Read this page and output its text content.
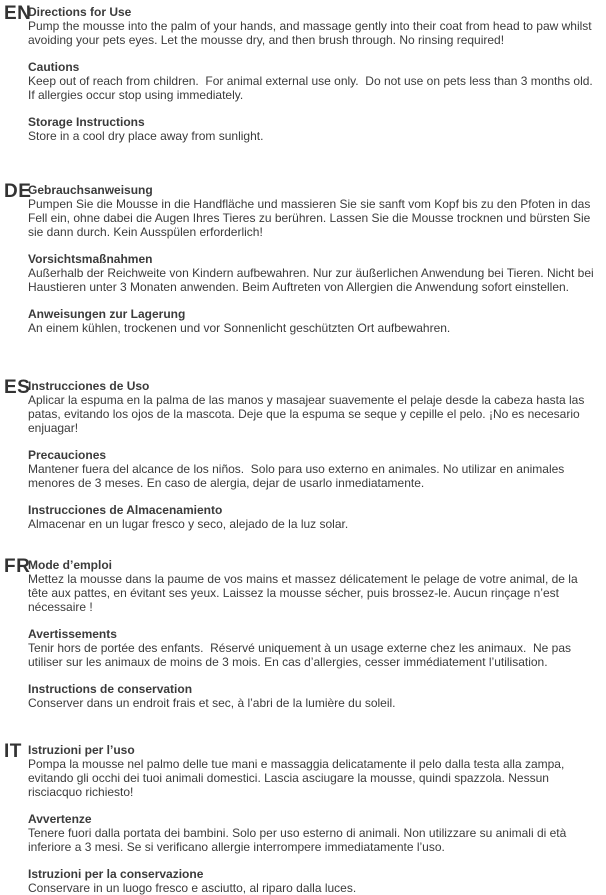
EN
Directions for Use
Pump the mousse into the palm of your hands, and massage gently into their coat from head to paw whilst avoiding your pets eyes. Let the mousse dry, and then brush through. No rinsing required!
Cautions
Keep out of reach from children.  For animal external use only.  Do not use on pets less than 3 months old. If allergies occur stop using immediately.
Storage Instructions
Store in a cool dry place away from sunlight.
DE
Gebrauchsanweisung
Pumpen Sie die Mousse in die Handfläche und massieren Sie sie sanft vom Kopf bis zu den Pfoten in das Fell ein, ohne dabei die Augen Ihres Tieres zu berühren. Lassen Sie die Mousse trocknen und bürsten Sie sie dann durch. Kein Ausspülen erforderlich!
Vorsichtsmaßnahmen
Außerhalb der Reichweite von Kindern aufbewahren. Nur zur äußerlichen Anwendung bei Tieren. Nicht bei Haustieren unter 3 Monaten anwenden. Beim Auftreten von Allergien die Anwendung sofort einstellen.
Anweisungen zur Lagerung
An einem kühlen, trockenen und vor Sonnenlicht geschützten Ort aufbewahren.
ES
Instrucciones de Uso
Aplicar la espuma en la palma de las manos y masajear suavemente el pelaje desde la cabeza hasta las patas, evitando los ojos de la mascota. Deje que la espuma se seque y cepille el pelo. ¡No es necesario enjuagar!
Precauciones
Mantener fuera del alcance de los niños.  Solo para uso externo en animales. No utilizar en animales menores de 3 meses. En caso de alergia, dejar de usarlo inmediatamente.
Instrucciones de Almacenamiento
Almacenar en un lugar fresco y seco, alejado de la luz solar.
FR
Mode d’emploi
Mettez la mousse dans la paume de vos mains et massez délicatement le pelage de votre animal, de la tête aux pattes, en évitant ses yeux. Laissez la mousse sécher, puis brossez-le. Aucun rinçage n’est nécessaire !
Avertissements
Tenir hors de portée des enfants.  Réservé uniquement à un usage externe chez les animaux.  Ne pas utiliser sur les animaux de moins de 3 mois. En cas d’allergies, cesser immédiatement l’utilisation.
Instructions de conservation
Conserver dans un endroit frais et sec, à l’abri de la lumière du soleil.
IT Istruzioni per l’uso
Pompa la mousse nel palmo delle tue mani e massaggia delicatamente il pelo dalla testa alla zampa, evitando gli occhi dei tuoi animali domestici. Lascia asciugare la mousse, quindi spazzola. Nessun risciacquo richiesto!
Avvertenze
Tenere fuori dalla portata dei bambini. Solo per uso esterno di animali. Non utilizzare su animali di età inferiore a 3 mesi. Se si verificano allergie interrompere immediatamente l’uso.
Istruzioni per la conservazione
Conservare in un luogo fresco e asciutto, al riparo dalla luces.
